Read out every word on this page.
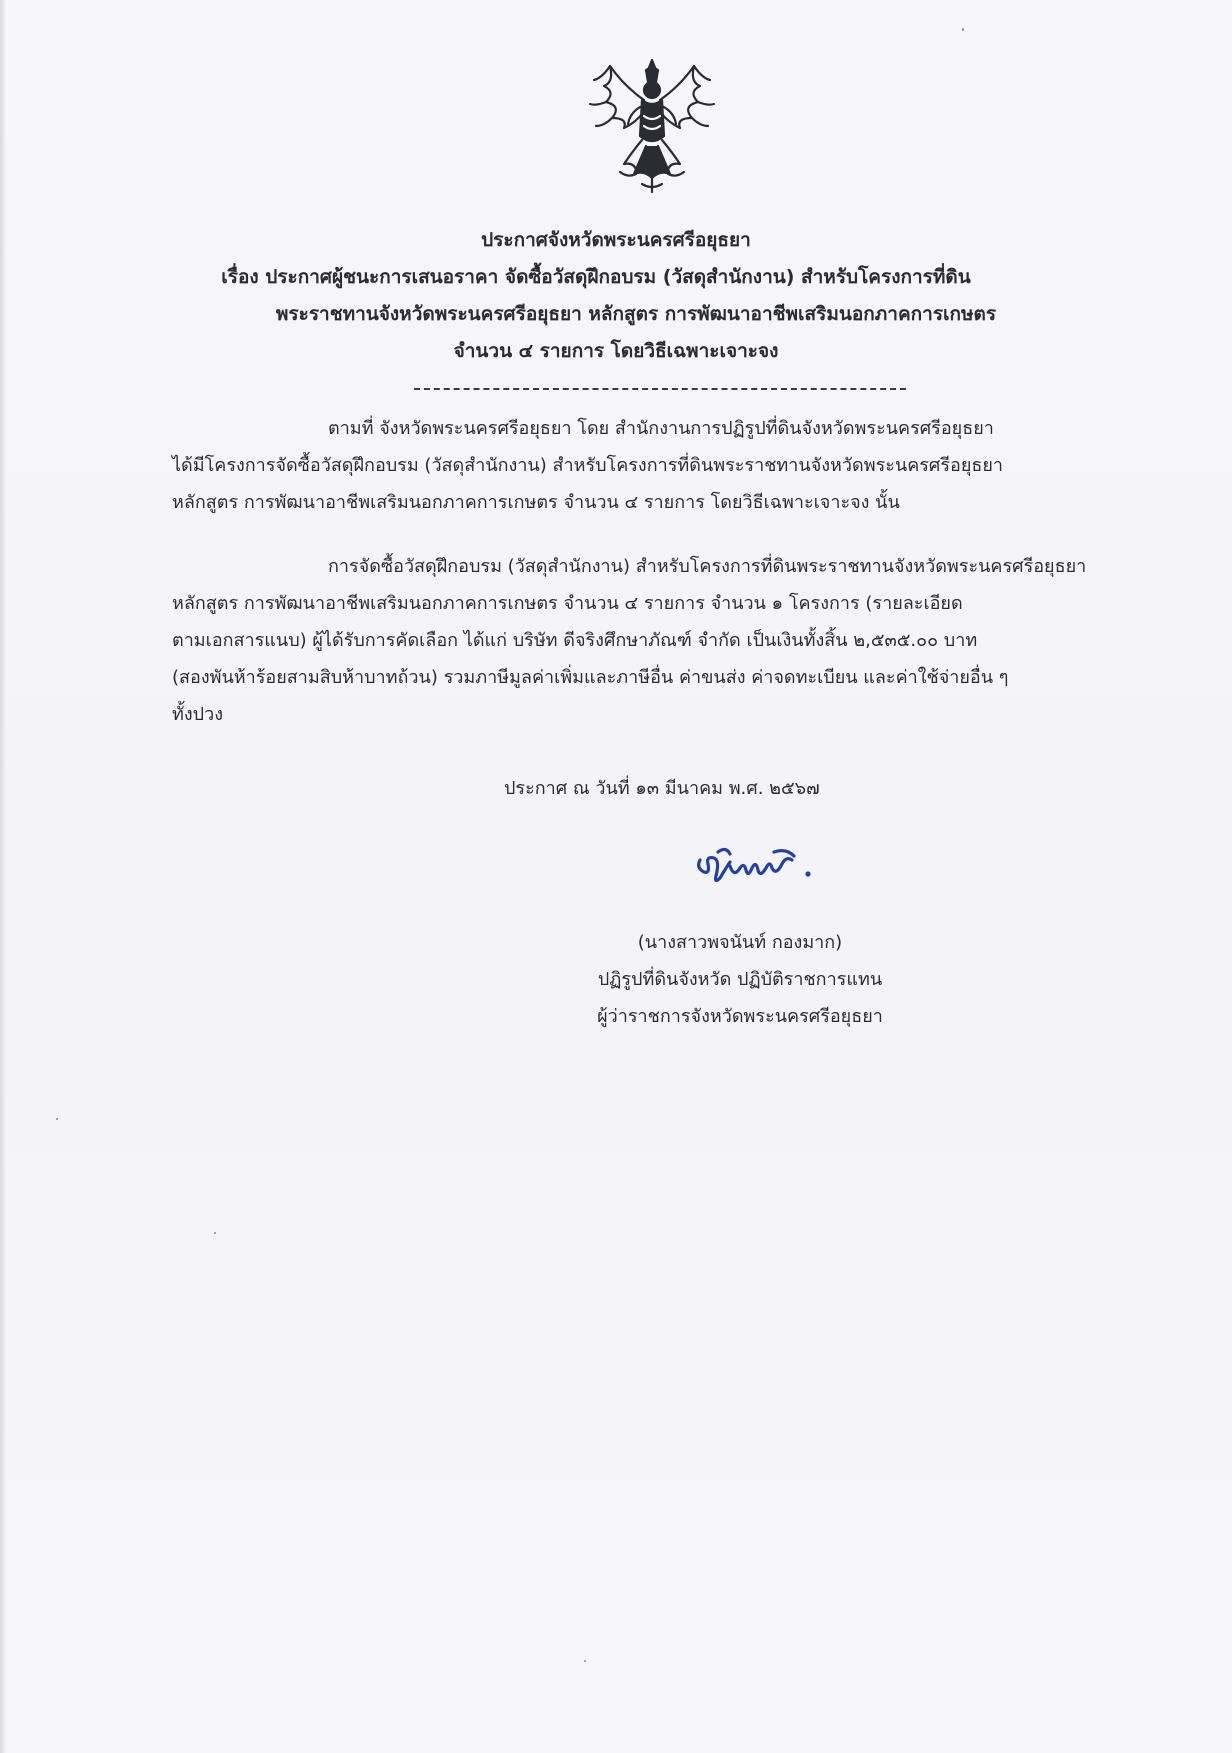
ประกาศจังหวัดพระนครศรีอยุธยา
เรื่อง ประกาศผู้ชนะการเสนอราคา จัดซื้อวัสดุฝึกอบรม (วัสดุสำนักงาน) สำหรับโครงการที่ดิน
พระราชทานจังหวัดพระนครศรีอยุธยา หลักสูตร การพัฒนาอาชีพเสริมนอกภาคการเกษตร
จำนวน ๔ รายการ โดยวิธีเฉพาะเจาะจง
ตามที่ จังหวัดพระนครศรีอยุธยา โดย สำนักงานการปฏิรูปที่ดินจังหวัดพระนครศรีอยุธยา
ได้มีโครงการจัดซื้อวัสดุฝึกอบรม (วัสดุสำนักงาน) สำหรับโครงการที่ดินพระราชทานจังหวัดพระนครศรีอยุธยา
หลักสูตร การพัฒนาอาชีพเสริมนอกภาคการเกษตร จำนวน ๔ รายการ โดยวิธีเฉพาะเจาะจง นั้น
การจัดซื้อวัสดุฝึกอบรม (วัสดุสำนักงาน) สำหรับโครงการที่ดินพระราชทานจังหวัดพระนครศรีอยุธยา
หลักสูตร การพัฒนาอาชีพเสริมนอกภาคการเกษตร จำนวน ๔ รายการ จำนวน ๑ โครงการ (รายละเอียด
ตามเอกสารแนบ) ผู้ได้รับการคัดเลือก ได้แก่ บริษัท ดีจริงศึกษาภัณฑ์ จำกัด เป็นเงินทั้งสิ้น ๒,๕๓๕.๐๐ บาท
(สองพันห้าร้อยสามสิบห้าบาทถ้วน) รวมภาษีมูลค่าเพิ่มและภาษีอื่น ค่าขนส่ง ค่าจดทะเบียน และค่าใช้จ่ายอื่น ๆ
ทั้งปวง
ประกาศ ณ วันที่ ๑๓ มีนาคม พ.ศ. ๒๕๖๗
(นางสาวพจนันท์ กองมาก)
ปฏิรูปที่ดินจังหวัด ปฏิบัติราชการแทน
ผู้ว่าราชการจังหวัดพระนครศรีอยุธยา
